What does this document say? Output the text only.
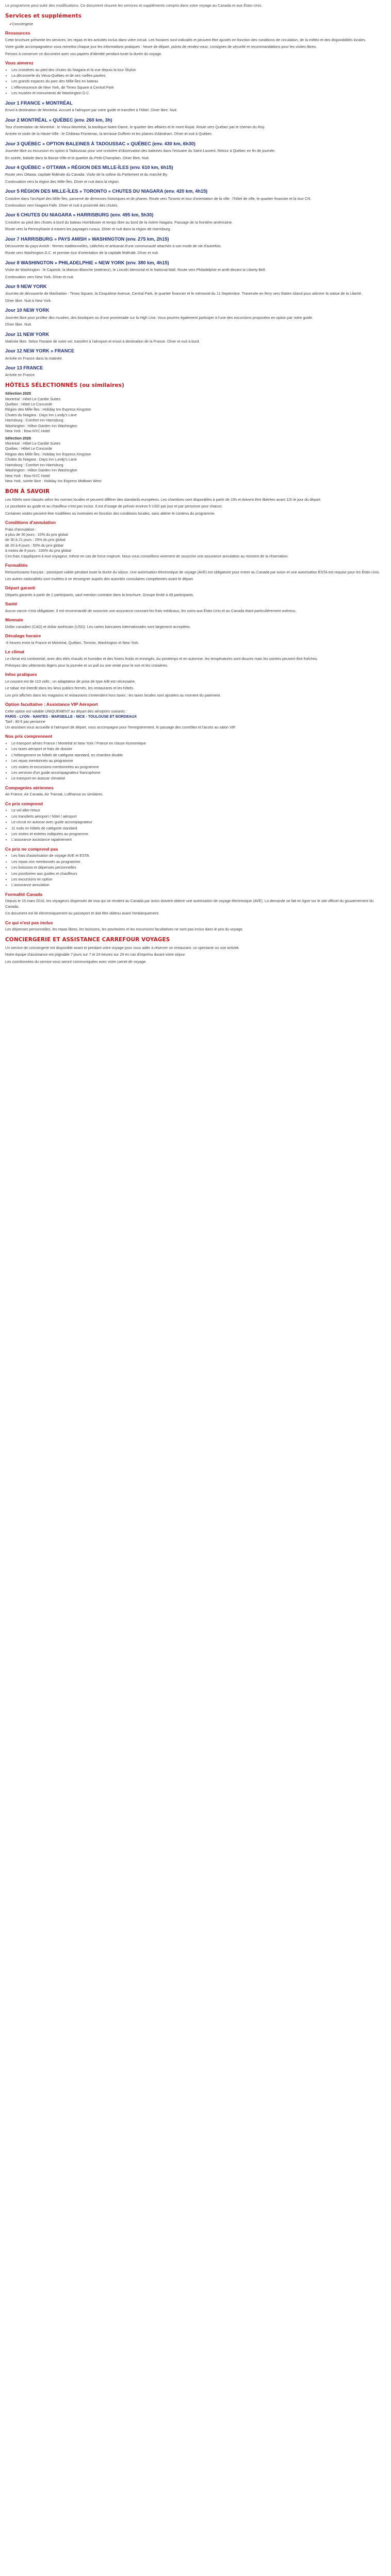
Le programme peut subir des modifications. Ce document résume les services et suppléments compris dans votre voyage au Canada et aux États-Unis.

Services et suppléments
✔ Conciergerie
Ressources

Cette brochure présente les services, les repas et les activités inclus dans votre circuit. Les horaires sont indicatifs et peuvent être ajustés en fonction des conditions de circulation, de la météo et des disponibilités locales.

Votre guide accompagnateur vous remettra chaque jour les informations pratiques : heure de départ, points de rendez-vous, consignes de sécurité et recommandations pour les visites libres.

Pensez à conserver ce document avec vos papiers d'identité pendant toute la durée du voyage.

Vous aimerez
• Les croisières au pied des chutes du Niagara et la vue depuis la tour Skylon
• La découverte du Vieux-Québec et de ses ruelles pavées
• Les grands espaces du parc des Mille-Îles en bateau
• L'effervescence de New York, de Times Square à Central Park
• Les musées et monuments de Washington D.C.
Jour 1 FRANCE » MONTRÉAL

Envol à destination de Montréal. Accueil à l'aéroport par votre guide et transfert à l'hôtel. Dîner libre. Nuit.

Jour 2 MONTRÉAL » QUÉBEC (env. 260 km, 3h)

Tour d'orientation de Montréal : le Vieux-Montréal, la basilique Notre-Dame, le quartier des affaires et le mont Royal. Route vers Québec par le chemin du Roy.

Arrivée et visite de la Haute-Ville : le Château Frontenac, la terrasse Dufferin et les plaines d'Abraham. Dîner et nuit à Québec.

Jour 3 QUÉBEC » OPTION BALEINES À TADOUSSAC » QUÉBEC (env. 430 km, 6h30)

Journée libre ou excursion en option à Tadoussac pour une croisière d'observation des baleines dans l'estuaire du Saint-Laurent. Retour à Québec en fin de journée.

En soirée, balade dans la Basse-Ville et le quartier du Petit-Champlain. Dîner libre. Nuit.

Jour 4 QUÉBEC » OTTAWA » RÉGION DES MILLE-ÎLES (env. 610 km, 6h15)

Route vers Ottawa, capitale fédérale du Canada. Visite de la colline du Parlement et du marché By.

Continuation vers la région des Mille-Îles. Dîner et nuit dans la région.

Jour 5 RÉGION DES MILLE-ÎLES » TORONTO » CHUTES DU NIAGARA (env. 420 km, 4h15)

Croisière dans l'archipel des Mille-Îles, parsemé de demeures historiques et de phares. Route vers Toronto et tour d'orientation de la ville : l'hôtel de ville, le quartier financier et la tour CN.

Continuation vers Niagara Falls. Dîner et nuit à proximité des chutes.

Jour 6 CHUTES DU NIAGARA » HARRISBURG (env. 495 km, 5h30)

Croisière au pied des chutes à bord du bateau Hornblower et temps libre au bord de la rivière Niagara. Passage de la frontière américaine.

Route vers la Pennsylvanie à travers les paysages ruraux. Dîner et nuit dans la région de Harrisburg.

Jour 7 HARRISBURG » PAYS AMISH » WASHINGTON (env. 275 km, 2h15)

Découverte du pays Amish : fermes traditionnelles, calèches et artisanat d'une communauté attachée à son mode de vie d'autrefois.

Route vers Washington D.C. et premier tour d'orientation de la capitale fédérale. Dîner et nuit.

Jour 8 WASHINGTON » PHILADELPHIE » NEW YORK (env. 380 km, 4h15)

Visite de Washington : le Capitole, la Maison-Blanche (extérieur), le Lincoln Memorial et le National Mall. Route vers Philadelphie et arrêt devant la Liberty Bell.

Continuation vers New York. Dîner et nuit.

Jour 9 NEW YORK

Journée de découverte de Manhattan : Times Square, la Cinquième Avenue, Central Park, le quartier financier et le mémorial du 11-Septembre. Traversée en ferry vers Staten Island pour admirer la statue de la Liberté.

Dîner libre. Nuit à New York.

Jour 10 NEW YORK

Journée libre pour profiter des musées, des boutiques ou d'une promenade sur la High Line. Vous pourrez également participer à l'une des excursions proposées en option par votre guide.

Dîner libre. Nuit.

Jour 11 NEW YORK

Matinée libre. Selon l'horaire de votre vol, transfert à l'aéroport et envol à destination de la France. Dîner et nuit à bord.

Jour 12 NEW YORK » FRANCE

Arrivée en France dans la matinée.

Jour 13 FRANCE

Arrivée en France.

HÔTELS SÉLECTIONNÉS (ou similaires)

Sélection 2025

Montréal : Hôtel Le Cantlie Suites

Québec : Hôtel Le Concorde

Région des Mille-Îles : Holiday Inn Express Kingston

Chutes du Niagara : Days Inn Lundy's Lane

Harrisburg : Comfort Inn Harrisburg

Washington : Hilton Garden Inn Washington

New York : Row NYC Hotel

Sélection 2026

Montréal : Hôtel Le Cantlie Suites

Québec : Hôtel Le Concorde

Région des Mille-Îles : Holiday Inn Express Kingston

Chutes du Niagara : Days Inn Lundy's Lane

Harrisburg : Comfort Inn Harrisburg

Washington : Hilton Garden Inn Washington

New York : Row NYC Hotel

New York, soirée libre : Holiday Inn Express Midtown West

BON À SAVOIR

Les hôtels sont classés selon les normes locales et peuvent différer des standards européens. Les chambres sont disponibles à partir de 15h et doivent être libérées avant 11h le jour du départ.

Le pourboire au guide et au chauffeur n'est pas inclus. Il est d'usage de prévoir environ 5 USD par jour et par personne pour chacun.

Certaines visites peuvent être modifiées ou inversées en fonction des conditions locales, sans altérer le contenu du programme.

Conditions d'annulation

Frais d'annulation :

à plus de 30 jours : 10% du prix global

de 30 à 21 jours : 25% du prix global

de 20 à 8 jours : 50% du prix global

à moins de 8 jours : 100% du prix global

Ces frais s'appliquent à tout voyageur, même en cas de force majeure. Nous vous conseillons vivement de souscrire une assurance annulation au moment de la réservation.

Formalités

Ressortissants français : passeport valide pendant toute la durée du séjour. Une autorisation électronique de voyage (AVE) est obligatoire pour entrer au Canada par avion et une autorisation ESTA est requise pour les États-Unis.

Les autres nationalités sont invitées à se renseigner auprès des autorités consulaires compétentes avant le départ.

Départ garanti

Départs garantis à partir de 2 participants, sauf mention contraire dans la brochure. Groupe limité à 49 participants.

Santé

Aucun vaccin n'est obligatoire. Il est recommandé de souscrire une assurance couvrant les frais médicaux, les soins aux États-Unis et au Canada étant particulièrement onéreux.

Monnaie

Dollar canadien (CAD) et dollar américain (USD). Les cartes bancaires internationales sont largement acceptées.

Décalage horaire

-6 heures entre la France et Montréal, Québec, Toronto, Washington et New York.

Le climat

Le climat est continental, avec des étés chauds et humides et des hivers froids et enneigés. Au printemps et en automne, les températures sont douces mais les soirées peuvent être fraîches.

Prévoyez des vêtements légers pour la journée et un pull ou une veste pour le soir et les croisières.

Infos pratiques

Le courant est de 110 volts ; un adaptateur de prise de type A/B est nécessaire.

Le tabac est interdit dans les lieux publics fermés, les restaurants et les hôtels.

Les prix affichés dans les magasins et restaurants s'entendent hors taxes ; les taxes locales sont ajoutées au moment du paiement.

Option facultative : Assistance VIP Aéroport

Cette option est valable UNIQUEMENT au départ des aéroports suivants :

PARIS - LYON - NANTES - MARSEILLE - NICE - TOULOUSE ET BORDEAUX

Tarif : 80 € par personne

Un assistant vous accueille à l'aéroport de départ, vous accompagne pour l'enregistrement, le passage des contrôles et l'accès au salon VIP.

Nos prix comprennent
• Le transport aérien France / Montréal et New York / France en classe économique
• Les taxes aéroport et frais de dossier
• L'hébergement en hôtels de catégorie standard, en chambre double
• Les repas mentionnés au programme
• Les visites et excursions mentionnées au programme
• Les services d'un guide accompagnateur francophone
• Le transport en autocar climatisé
Compagnies aériennes

Air France, Air Canada, Air Transat, Lufthansa ou similaires.

Ce prix comprend
• Le vol aller-retour
• Les transferts aéroport / hôtel / aéroport
• Le circuit en autocar avec guide accompagnateur
• 11 nuits en hôtels de catégorie standard
• Les visites et entrées indiquées au programme
• L'assurance assistance rapatriement
Ce prix ne comprend pas
• Les frais d'autorisation de voyage AVE et ESTA
• Les repas non mentionnés au programme
• Les boissons et dépenses personnelles
• Les pourboires aux guides et chauffeurs
• Les excursions en option
• L'assurance annulation
Formalité Canada

Depuis le 15 mars 2016, les voyageurs dispensés de visa qui se rendent au Canada par avion doivent obtenir une autorisation de voyage électronique (AVE). La demande se fait en ligne sur le site officiel du gouvernement du Canada.

Ce document est lié électroniquement au passeport et doit être obtenu avant l'embarquement.

Ce qui n'est pas inclus

Les dépenses personnelles, les repas libres, les boissons, les pourboires et les excursions facultatives ne sont pas inclus dans le prix du voyage.

CONCIERGERIE ET ASSISTANCE CARREFOUR VOYAGES

Un service de conciergerie est disponible avant et pendant votre voyage pour vous aider à réserver un restaurant, un spectacle ou une activité.

Notre équipe d'assistance est joignable 7 jours sur 7 et 24 heures sur 24 en cas d'imprévu durant votre séjour.

Les coordonnées du service vous seront communiquées avec votre carnet de voyage.
